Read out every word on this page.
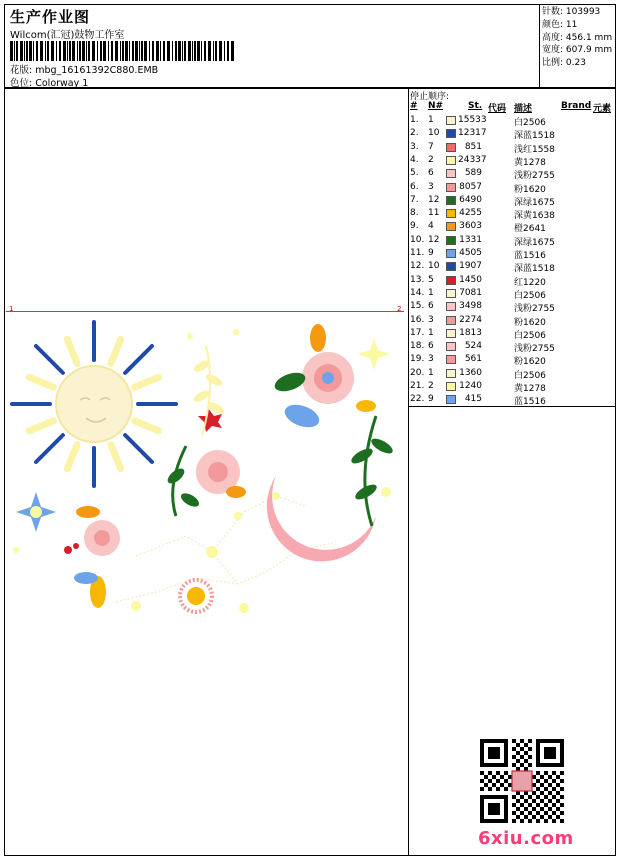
生产作业图
Wilcom(汇冠)鼓物工作室
花版: mbg_16161392C880.EMB
色位: Colorway 1
针数: 103993
颜色: 11
高度: 456.1 mm
宽度: 607.9 mm
比例: 0.23
停止顺序:
# N#	St. 代码 描述	Brand 元素
1. 1	15533	白2506
2. 10 12317	深蓝1518
3. 7	851	浅红1558
4. 2	24337	黄1278
5. 6	589	浅粉2755
6. 3	8057	粉1620
7. 12 6490	深绿1675
8. 11 4255	深黄1638
9. 4	3603	橙2641
10. 12 1331	深绿1675
11. 9	4505	蓝1516
12. 10 1907	深蓝1518
13. 5	1450	红1220
14. 1	7081	白2506
15. 6	3498	浅粉2755
16. 3	2274	粉1620
17. 1	1813	白2506
18. 6	524	浅粉2755
19. 3	561	粉1620
20. 1	1360	白2506
21. 2	1240	黄1278
22. 9	415	蓝1516
1	2
6xiu.com
